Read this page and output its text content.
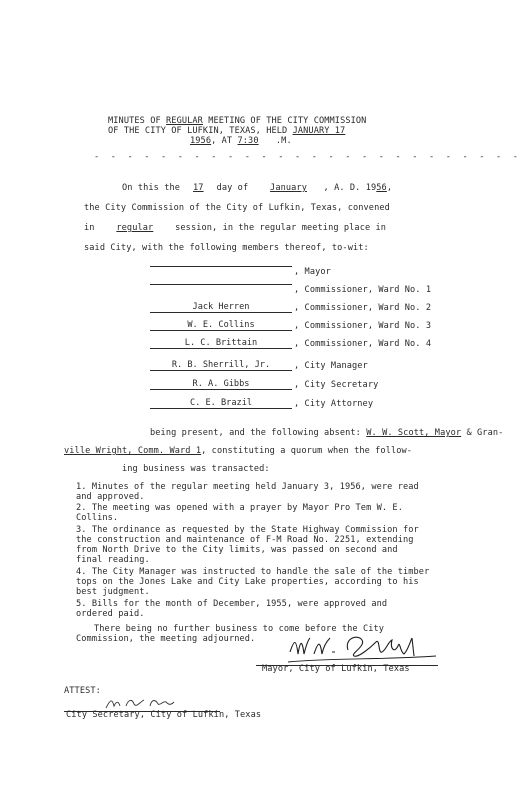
MINUTES OF REGULAR MEETING OF THE CITY COMMISSION
OF THE CITY OF LUFKIN, TEXAS, HELD JANUARY 17
1956, AT 7:30 .M.
- - - - - - - - - - - - - - - - - - - - - - - - - -
On this the 17 day of	January , A. D. 1956,
the City Commission of the City of Lufkin, Texas, convened
in	regular	session, in the regular meeting place in
said City, with the following members thereof, to-wit:
, Mayor
, Commissioner, Ward No. 1
Jack Herren	, Commissioner, Ward No. 2
W. E. Collins	, Commissioner, Ward No. 3
L. C. Brittain	, Commissioner, Ward No. 4
R. B. Sherrill, Jr.	, City Manager
R. A. Gibbs	, City Secretary
C. E. Brazil	, City Attorney
being present, and the following absent: W. W. Scott, Mayor & Gran-
ville Wright, Comm. Ward 1, constituting a quorum when the follow-
ing business was transacted:
1. Minutes of the regular meeting held January 3, 1956, were read
and approved.
2. The meeting was opened with a prayer by Mayor Pro Tem W. E.
Collins.
3. The ordinance as requested by the State Highway Commission for
the construction and maintenance of F-M Road No. 2251, extending
from North Drive to the City limits, was passed on second and
final reading.
4. The City Manager was instructed to handle the sale of the timber
tops on the Jones Lake and City Lake properties, according to his
best judgment.
5. Bills for the month of December, 1955, were approved and
ordered paid.
There being no further business to come before the City
Commission, the meeting adjourned.
Mayor, City of Lufkin, Texas
ATTEST:
City Secretary, City of Lufkin, Texas
